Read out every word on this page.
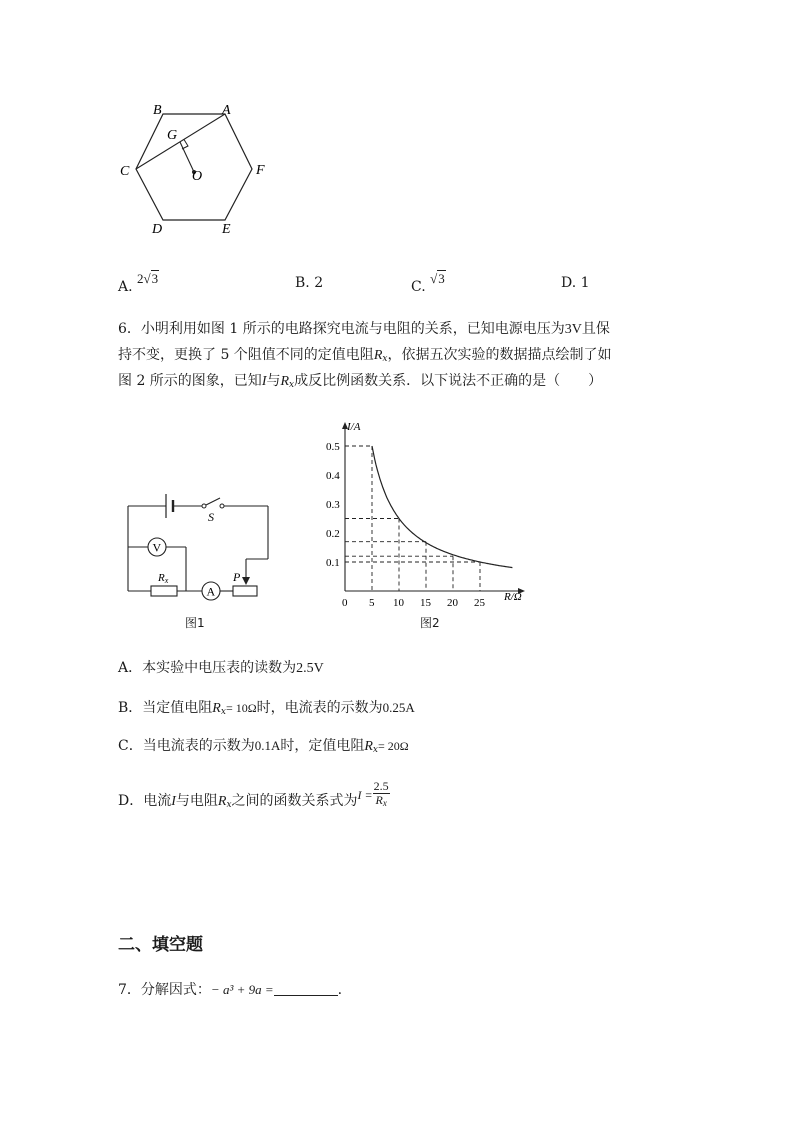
B	A
G
C	O	F
D	E
A. 2√3	B. 2	C. √3	D. 1
6．小明利用如图 1 所示的电路探究电流与电阻的关系，已知电源电压为3V且保
持不变，更换了 5 个阻值不同的定值电阻$R_x$，依据五次实验的数据描点绘制了如
图 2 所示的图象，已知I与$R_x$成反比例函数关系．以下说法不正确的是（　　）
S
P
V
Rx
A
图1
I/A
R/Ω
0 5 10 15 20 25
0.1
0.2
0.3
0.4
0.5
图2
A．本实验中电压表的读数为2.5V
B．当定值电阻$R_x= 10\Omega$时，电流表的示数为0.25A
C．当电流表的示数为0.1A时，定值电阻$R_x= 20\Omega$
D．电流I与电阻$R_x$之间的函数关系式为$I = \frac{2.5}{R_x}$
二、填空题
7．分解因式：− a³ + 9a =	.
